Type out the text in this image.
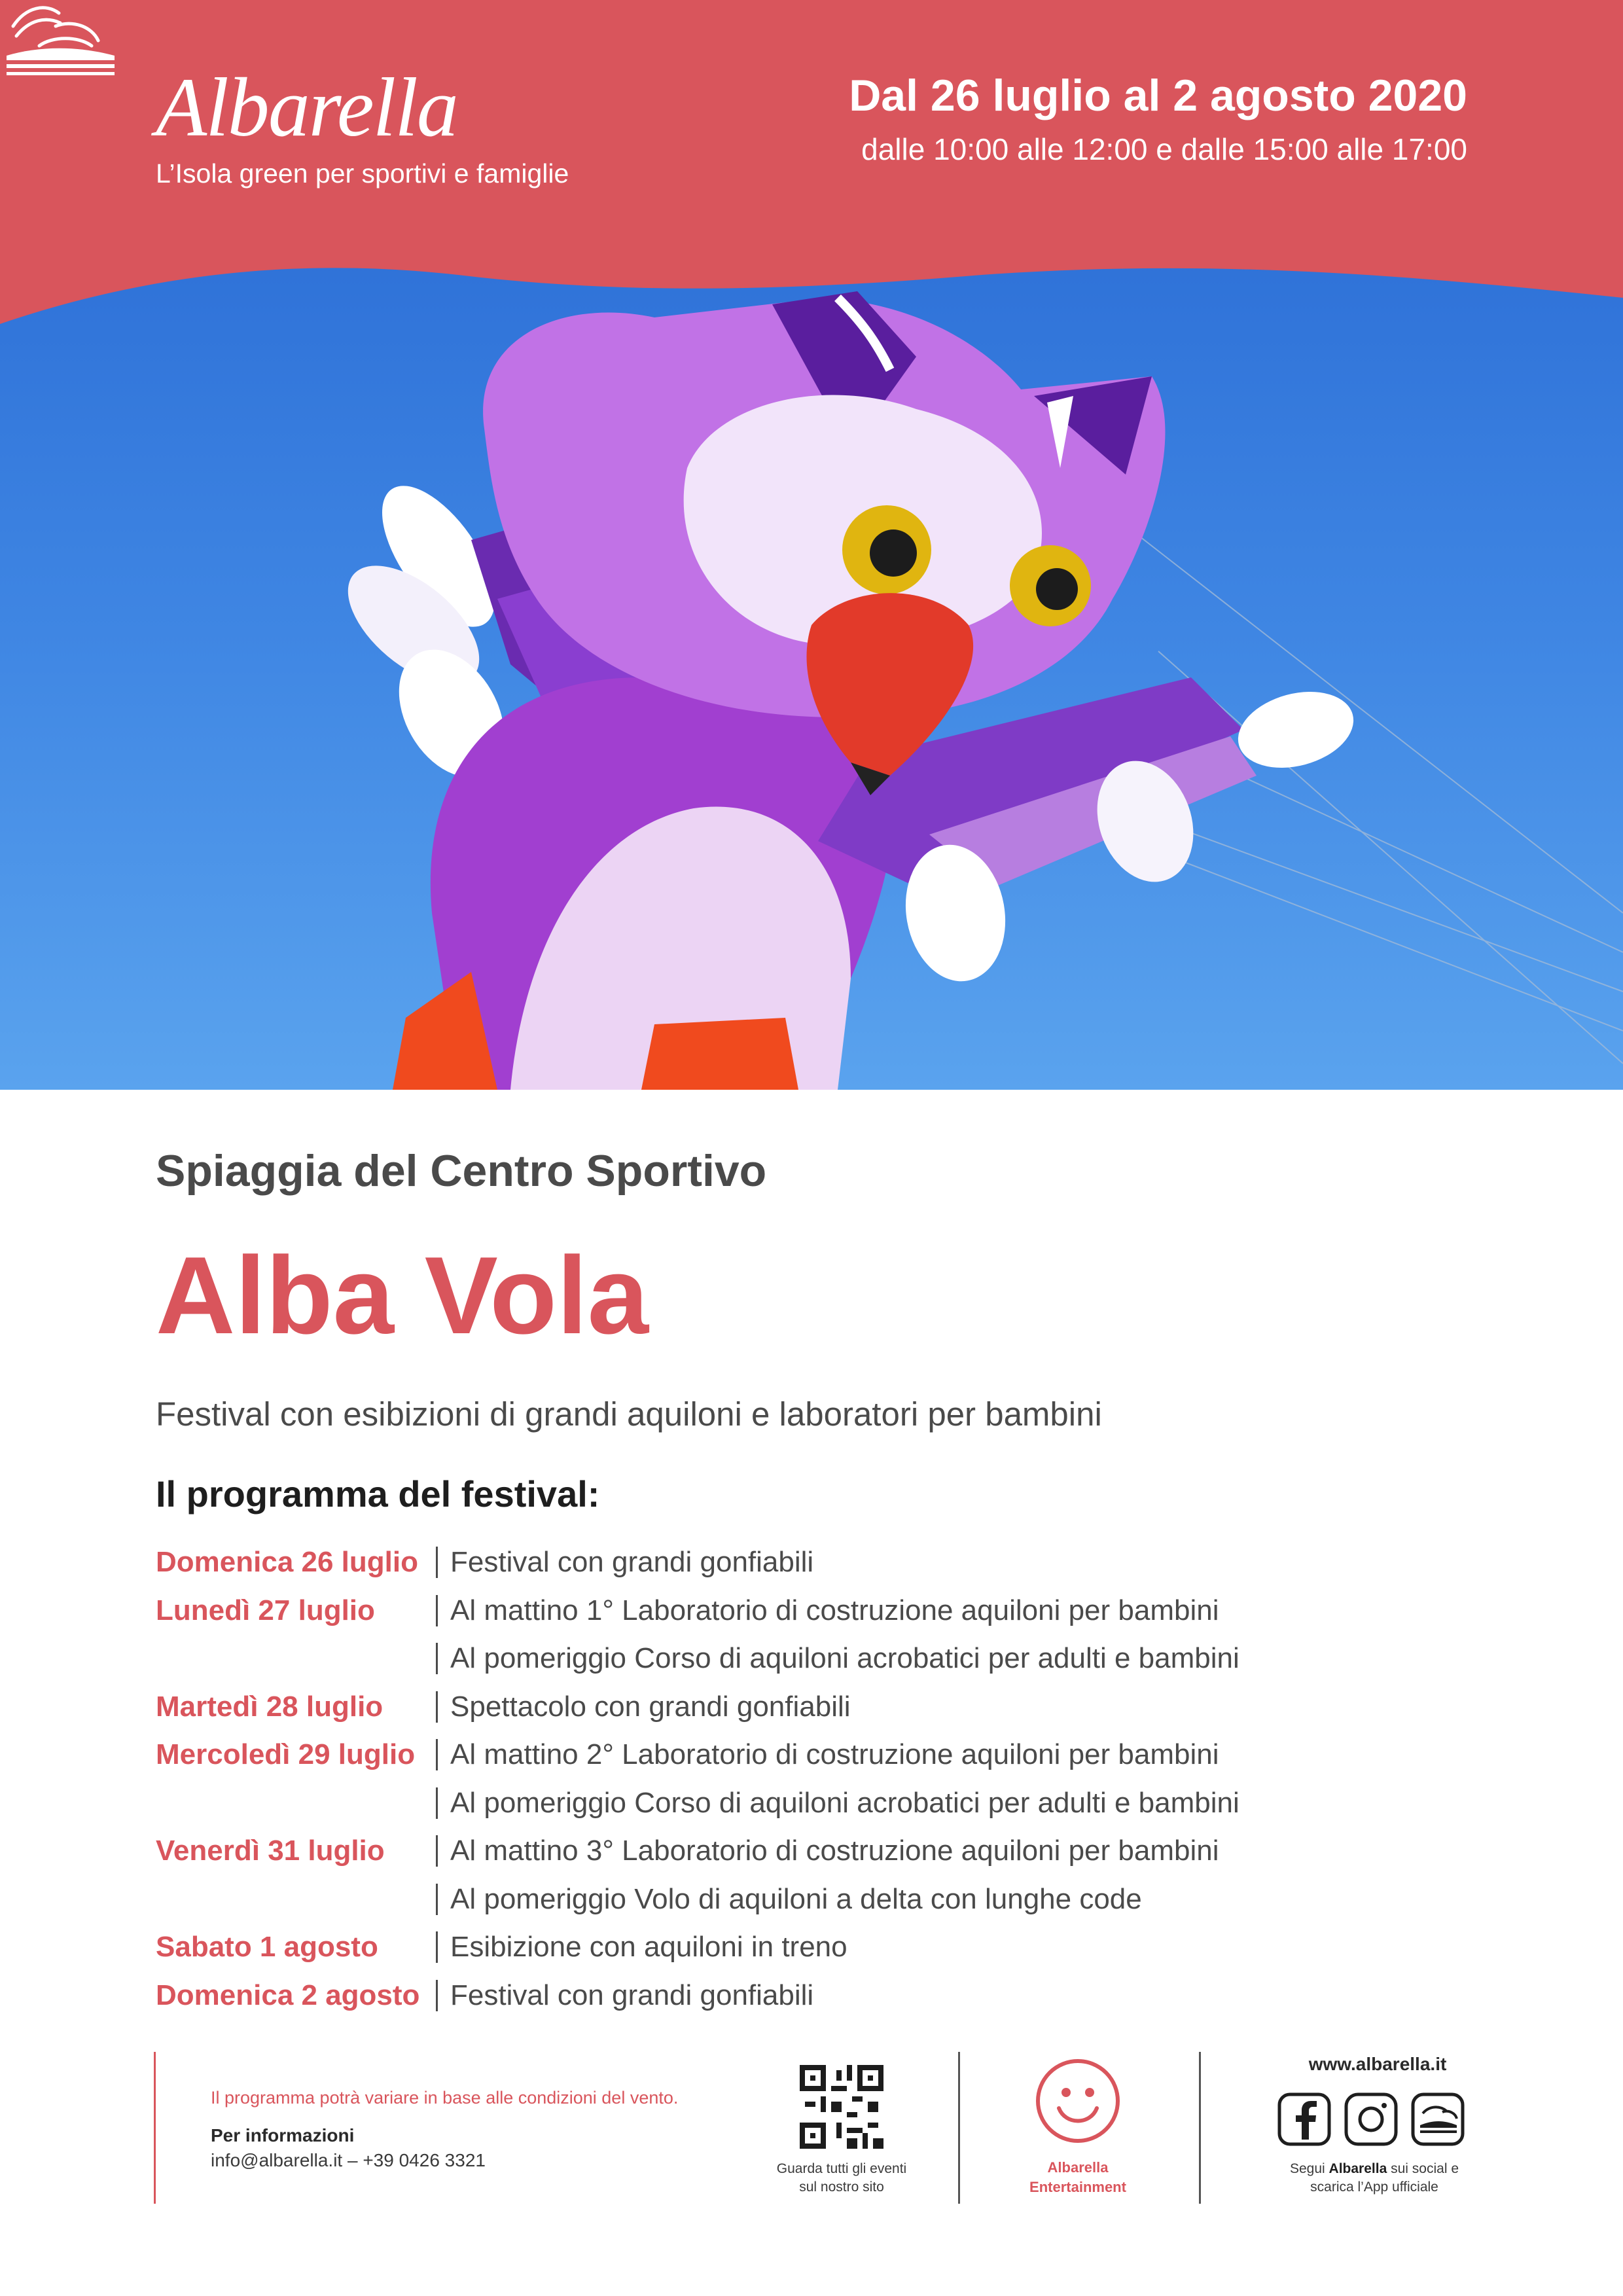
Albarella
L’Isola green per sportivi e famiglie
Dal 26 luglio al 2 agosto 2020
dalle 10:00 alle 12:00 e dalle 15:00 alle 17:00
Spiaggia del Centro Sportivo
Alba Vola
Festival con esibizioni di grandi aquiloni e laboratori per bambini
Il programma del festival:
Domenica 26 luglio Festival con grandi gonfiabili
Lunedì 27 luglio	Al mattino 1° Laboratorio di costruzione aquiloni per bambini
Al pomeriggio Corso di aquiloni acrobatici per adulti e bambini
Martedì 28 luglio Spettacolo con grandi gonfiabili
Mercoledì 29 luglio Al mattino 2° Laboratorio di costruzione aquiloni per bambini
Al pomeriggio Corso di aquiloni acrobatici per adulti e bambini
Venerdì 31 luglio Al mattino 3° Laboratorio di costruzione aquiloni per bambini
Al pomeriggio Volo di aquiloni a delta con lunghe code
Sabato 1 agosto	Esibizione con aquiloni in treno
Domenica 2 agosto Festival con grandi gonfiabili
Il programma potrà variare in base alle condizioni del vento.
Per informazioni
info@albarella.it – +39 0426 3321	Guarda tutti gli eventi
sul nostro sito
Albarella
Entertainment
www.albarella.it
Segui Albarella sui social e
scarica l’App ufficiale
